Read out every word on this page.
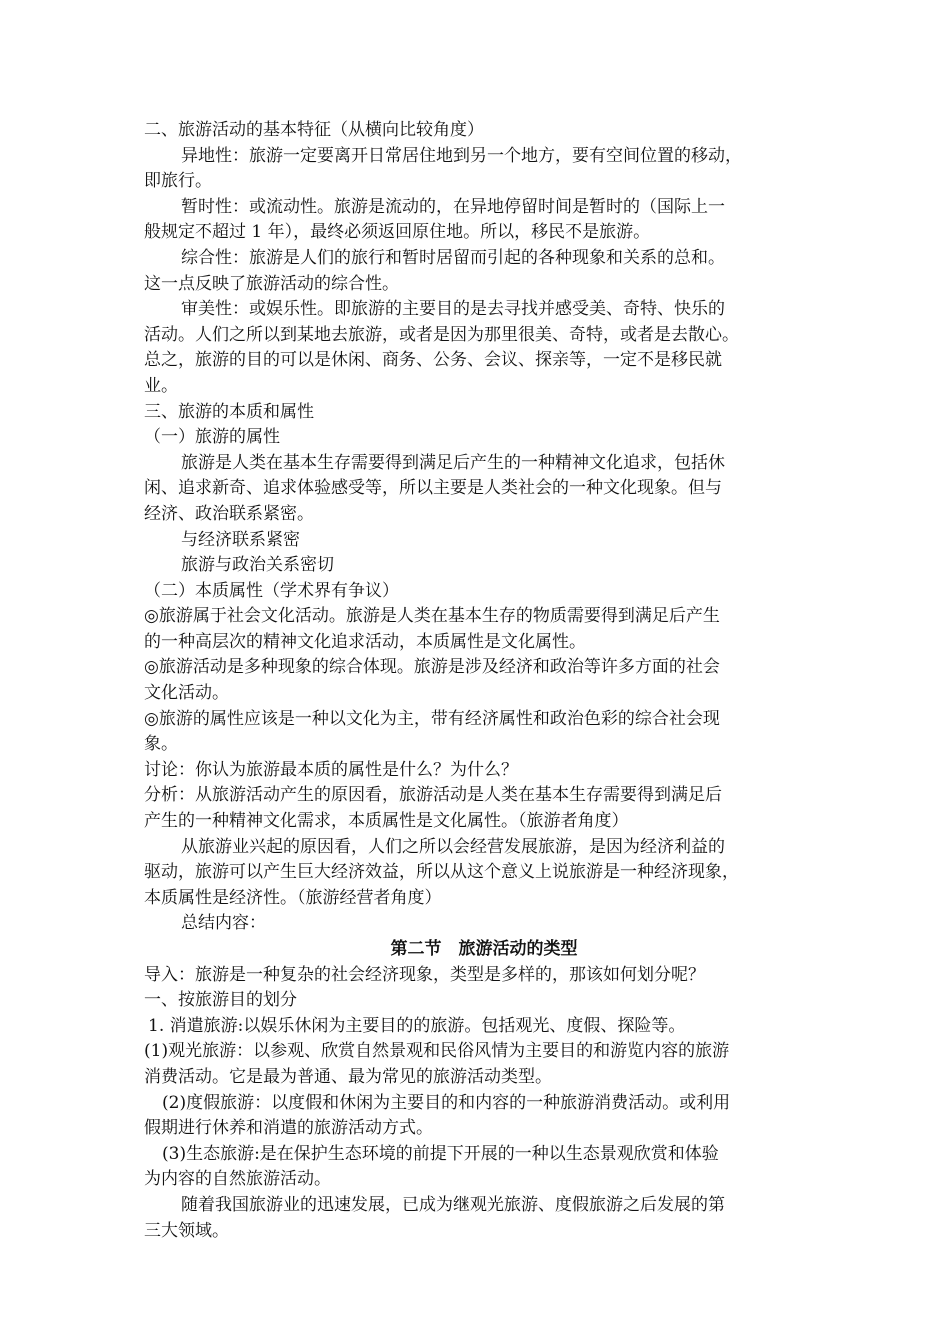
二、旅游活动的基本特征（从横向比较角度）

异地性：旅游一定要离开日常居住地到另一个地方，要有空间位置的移动，

即旅行。

暂时性：或流动性。旅游是流动的，在异地停留时间是暂时的（国际上一

般规定不超过 1 年），最终必须返回原住地。所以，移民不是旅游。

综合性：旅游是人们的旅行和暂时居留而引起的各种现象和关系的总和。

这一点反映了旅游活动的综合性。

审美性：或娱乐性。即旅游的主要目的是去寻找并感受美、奇特、快乐的

活动。人们之所以到某地去旅游，或者是因为那里很美、奇特，或者是去散心。

总之，旅游的目的可以是休闲、商务、公务、会议、探亲等，一定不是移民就

业。

三、旅游的本质和属性

（一）旅游的属性

旅游是人类在基本生存需要得到满足后产生的一种精神文化追求，包括休

闲、追求新奇、追求体验感受等，所以主要是人类社会的一种文化现象。但与

经济、政治联系紧密。

与经济联系紧密

旅游与政治关系密切

（二）本质属性（学术界有争议）

◎旅游属于社会文化活动。旅游是人类在基本生存的物质需要得到满足后产生

的一种高层次的精神文化追求活动，本质属性是文化属性。

◎旅游活动是多种现象的综合体现。旅游是涉及经济和政治等许多方面的社会

文化活动。

◎旅游的属性应该是一种以文化为主，带有经济属性和政治色彩的综合社会现

象。

讨论：你认为旅游最本质的属性是什么？为什么？

分析：从旅游活动产生的原因看，旅游活动是人类在基本生存需要得到满足后

产生的一种精神文化需求，本质属性是文化属性。（旅游者角度）

从旅游业兴起的原因看，人们之所以会经营发展旅游，是因为经济利益的

驱动，旅游可以产生巨大经济效益，所以从这个意义上说旅游是一种经济现象，

本质属性是经济性。（旅游经营者角度）

总结内容：

第二节　旅游活动的类型

导入：旅游是一种复杂的社会经济现象，类型是多样的，那该如何划分呢？

一、按旅游目的划分

1. 消遣旅游:以娱乐休闲为主要目的的旅游。包括观光、度假、探险等。

(1)观光旅游：以参观、欣赏自然景观和民俗风情为主要目的和游览内容的旅游

消费活动。它是最为普通、最为常见的旅游活动类型。

(2)度假旅游：以度假和休闲为主要目的和内容的一种旅游消费活动。或利用

假期进行休养和消遣的旅游活动方式。

(3)生态旅游:是在保护生态环境的前提下开展的一种以生态景观欣赏和体验

为内容的自然旅游活动。

随着我国旅游业的迅速发展，已成为继观光旅游、度假旅游之后发展的第

三大领域。
